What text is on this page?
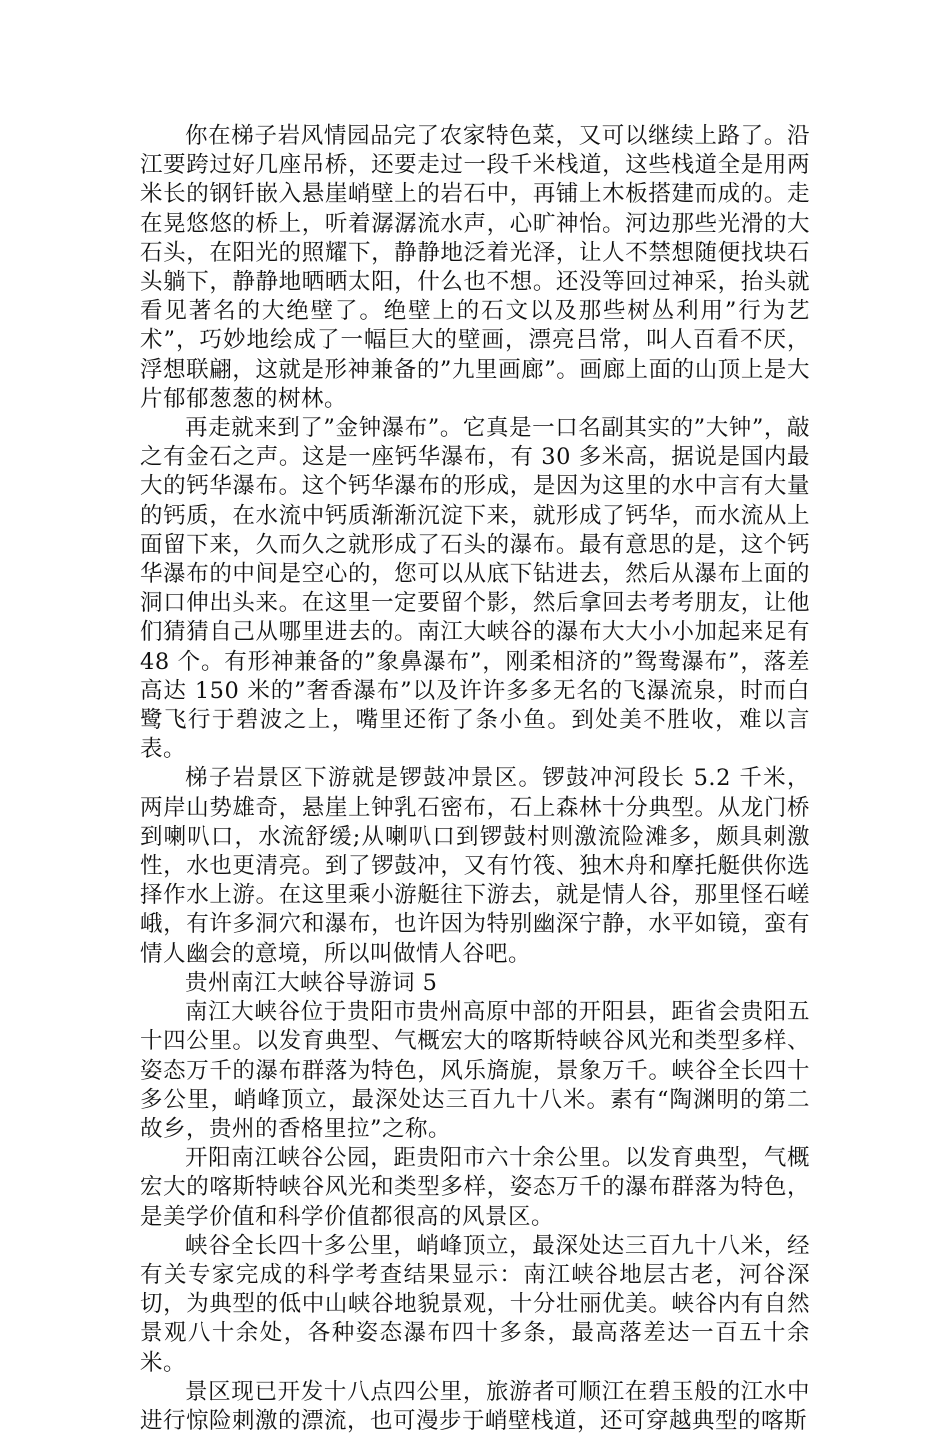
你在梯子岩风情园品完了农家特色菜，又可以继续上路了。沿江要跨过好几座吊桥，还要走过一段千米栈道，这些栈道全是用两米长的钢钎嵌入悬崖峭壁上的岩石中，再铺上木板搭建而成的。走在晃悠悠的桥上，听着潺潺流水声，心旷神怡。河边那些光滑的大石头，在阳光的照耀下，静静地泛着光泽，让人不禁想随便找块石头躺下，静静地晒晒太阳，什么也不想。还没等回过神采，抬头就看见著名的大绝壁了。绝壁上的石文以及那些树丛利用”行为艺术”，巧妙地绘成了一幅巨大的壁画，漂亮吕常，叫人百看不厌，浮想联翩，这就是形神兼备的”九里画廊”。画廊上面的山顶上是大片郁郁葱葱的树林。

再走就来到了”金钟瀑布”。它真是一口名副其实的”大钟”，敲之有金石之声。这是一座钙华瀑布，有 30 多米高，据说是国内最大的钙华瀑布。这个钙华瀑布的形成，是因为这里的水中言有大量的钙质，在水流中钙质渐渐沉淀下来，就形成了钙华，而水流从上面留下来，久而久之就形成了石头的瀑布。最有意思的是，这个钙华瀑布的中间是空心的，您可以从底下钻进去，然后从瀑布上面的洞口伸出头来。在这里一定要留个影，然后拿回去考考朋友，让他们猜猜自己从哪里进去的。南江大峡谷的瀑布大大小小加起来足有48 个。有形神兼备的”象鼻瀑布”，刚柔相济的”鸳鸯瀑布”，落差高达 150 米的”奢香瀑布”以及许许多多无名的飞瀑流泉，时而白鹭飞行于碧波之上，嘴里还衔了条小鱼。到处美不胜收，难以言表。

梯子岩景区下游就是锣鼓冲景区。锣鼓冲河段长 5.2 千米，两岸山势雄奇，悬崖上钟乳石密布，石上森林十分典型。从龙门桥到喇叭口，水流舒缓;从喇叭口到锣鼓村则激流险滩多，颇具刺激性，水也更清亮。到了锣鼓冲，又有竹筏、独木舟和摩托艇供你选择作水上游。在这里乘小游艇往下游去，就是情人谷，那里怪石嵯峨，有许多洞穴和瀑布，也许因为特别幽深宁静，水平如镜，蛮有情人幽会的意境，所以叫做情人谷吧。

贵州南江大峡谷导游词 5

南江大峡谷位于贵阳市贵州高原中部的开阳县，距省会贵阳五十四公里。以发育典型、气概宏大的喀斯特峡谷风光和类型多样、姿态万千的瀑布群落为特色，风乐旖旎，景象万千。峡谷全长四十多公里，峭峰顶立，最深处达三百九十八米。素有“陶渊明的第二故乡，贵州的香格里拉”之称。

开阳南江峡谷公园，距贵阳市六十余公里。以发育典型，气概宏大的喀斯特峡谷风光和类型多样，姿态万千的瀑布群落为特色，是美学价值和科学价值都很高的风景区。

峡谷全长四十多公里，峭峰顶立，最深处达三百九十八米，经有关专家完成的科学考查结果显示：南江峡谷地层古老，河谷深切，为典型的低中山峡谷地貌景观，十分壮丽优美。峡谷内有自然景观八十余处，各种姿态瀑布四十多条，最高落差达一百五十余米。

景区现已开发十八点四公里，旅游者可顺江在碧玉般的江水中进行惊险刺激的漂流，也可漫步于峭壁栈道，还可穿越典型的喀斯
